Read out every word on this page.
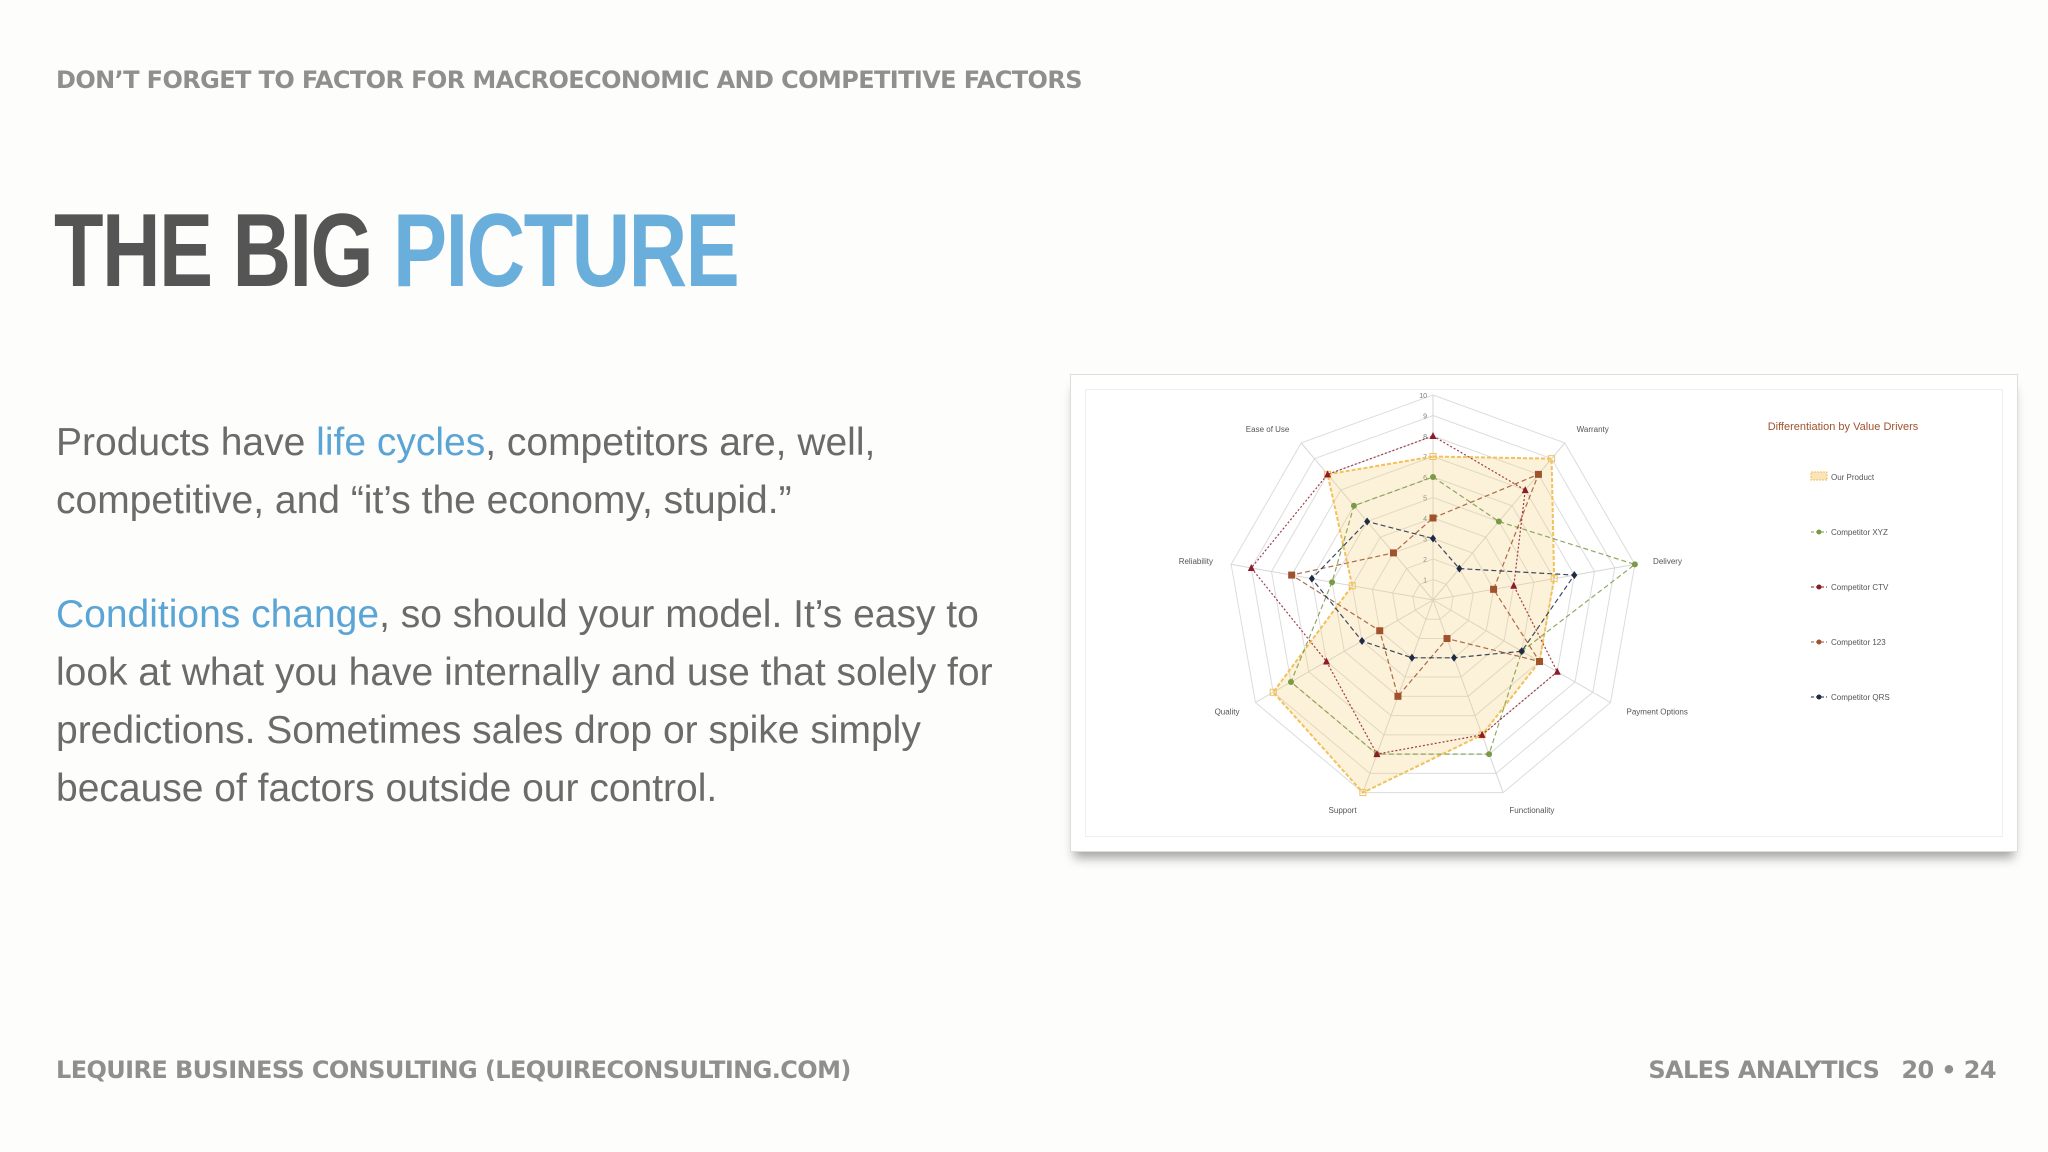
DON’T FORGET TO FACTOR FOR MACROECONOMIC AND COMPETITIVE FACTORS
THE BIG PICTURE

Products have life cycles, competitors are, well, competitive, and “it’s the economy, stupid.”

Conditions change, so should your model. It’s easy to look at what you have internally and use that solely for predictions. Sometimes sales drop or spike simply because of factors outside our control.

8
9
10
Warranty
Delivery
Payment Options
Functionality
Support
Quality
Reliability
Ease of Use	Differentiation by Value Drivers
Our Product
Competitor XYZ
Competitor CTV
Competitor 123
Competitor QRS
LEQUIRE BUSINESS CONSULTING (LEQUIRECONSULTING.COM)	SALES ANALYTICS 20 • 24
